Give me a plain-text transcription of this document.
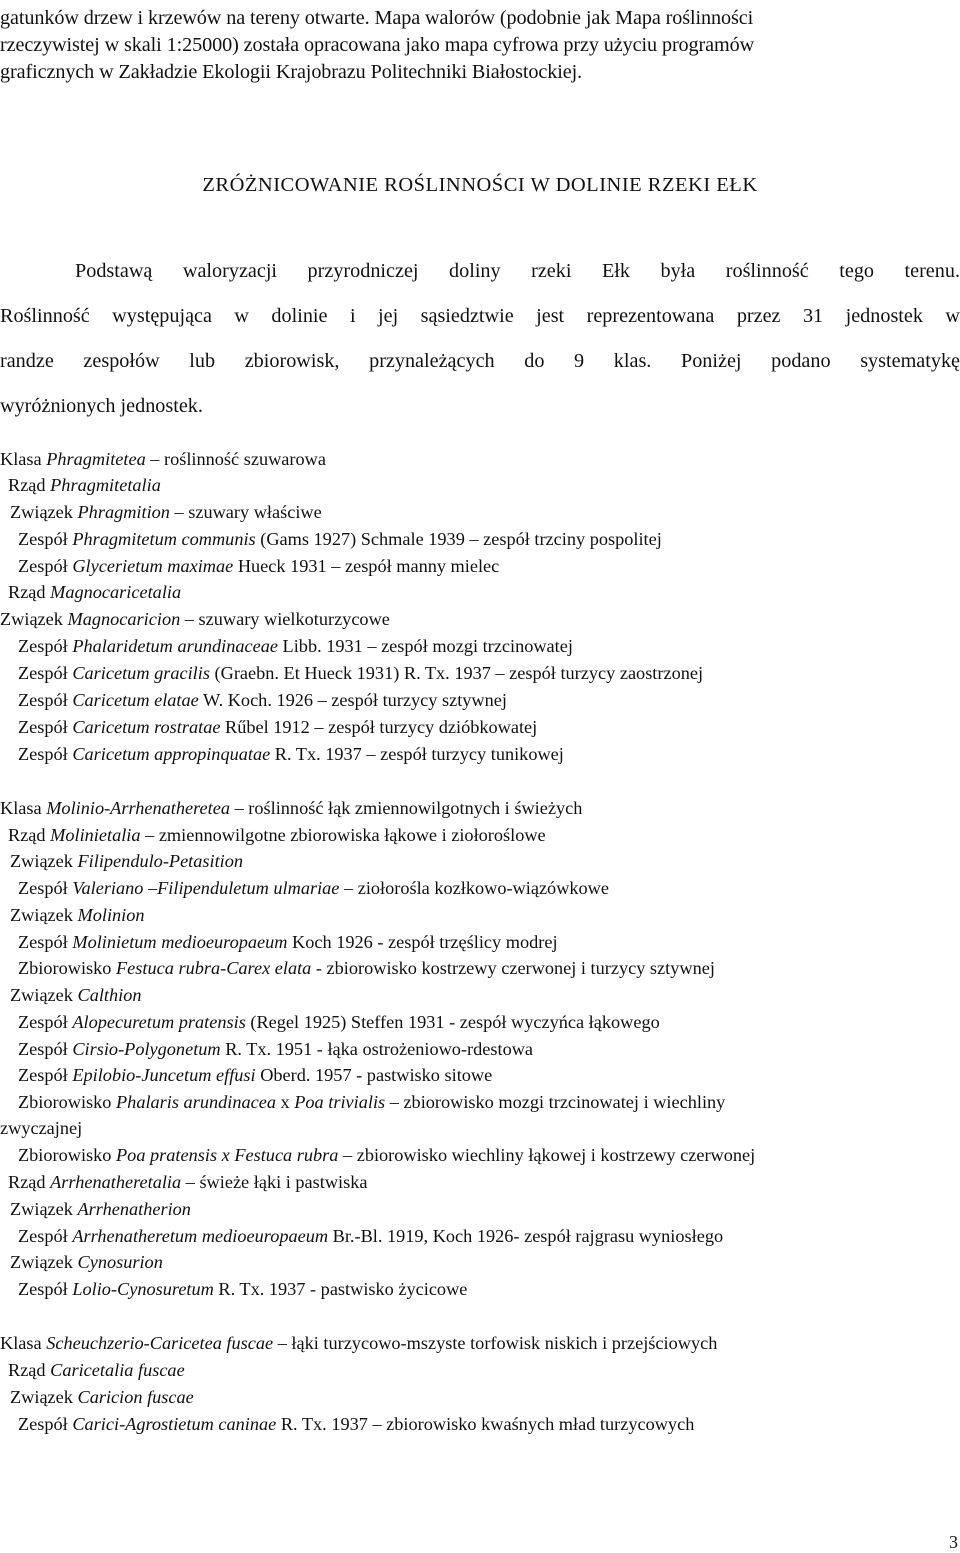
gatunków drzew i krzewów na tereny otwarte. Mapa walorów (podobnie jak Mapa roślinności
rzeczywistej w skali 1:25000) została opracowana jako mapa cyfrowa przy użyciu programów
graficznych w Zakładzie Ekologii Krajobrazu Politechniki Białostockiej.
ZRÓŻNICOWANIE ROŚLINNOŚCI W DOLINIE RZEKI EŁK
Podstawą waloryzacji przyrodniczej doliny rzeki Ełk była roślinność tego terenu.
Roślinność występująca w dolinie i jej sąsiedztwie jest reprezentowana przez 31 jednostek w
randze zespołów lub zbiorowisk, przynależących do 9 klas. Poniżej podano systematykę
wyróżnionych jednostek.
Klasa Phragmitetea – roślinność szuwarowa
Rząd Phragmitetalia
Związek Phragmition – szuwary właściwe
Zespół Phragmitetum communis (Gams 1927) Schmale 1939 – zespół trzciny pospolitej
Zespół Glycerietum maximae Hueck 1931 – zespół manny mielec
Rząd Magnocaricetalia
Związek Magnocaricion – szuwary wielkoturzycowe
Zespół Phalaridetum arundinaceae Libb. 1931 – zespół mozgi trzcinowatej
Zespół Caricetum gracilis (Graebn. Et Hueck 1931) R. Tx. 1937 – zespół turzycy zaostrzonej
Zespół Caricetum elatae W. Koch. 1926 – zespół turzycy sztywnej
Zespół Caricetum rostratae Rűbel 1912 – zespół turzycy dzióbkowatej
Zespół Caricetum appropinquatae R. Tx. 1937 – zespół turzycy tunikowej
Klasa Molinio-Arrhenatheretea – roślinność łąk zmiennowilgotnych i świeżych
Rząd Molinietalia – zmiennowilgotne zbiorowiska łąkowe i ziołoroślowe
Związek Filipendulo-Petasition
Zespół Valeriano –Filipenduletum ulmariae – ziołorośla kozłkowo-wiązówkowe
Związek Molinion
Zespół Molinietum medioeuropaeum Koch 1926 - zespół trzęślicy modrej
Zbiorowisko Festuca rubra-Carex elata - zbiorowisko kostrzewy czerwonej i turzycy sztywnej
Związek Calthion
Zespół Alopecuretum pratensis (Regel 1925) Steffen 1931 - zespół wyczyńca łąkowego
Zespół Cirsio-Polygonetum R. Tx. 1951 - łąka ostrożeniowo-rdestowa
Zespół Epilobio-Juncetum effusi Oberd. 1957 - pastwisko sitowe
Zbiorowisko Phalaris arundinacea x Poa trivialis – zbiorowisko mozgi trzcinowatej i wiechliny
zwyczajnej
Zbiorowisko Poa pratensis x Festuca rubra – zbiorowisko wiechliny łąkowej i kostrzewy czerwonej
Rząd Arrhenatheretalia – świeże łąki i pastwiska
Związek Arrhenatherion
Zespół Arrhenatheretum medioeuropaeum Br.-Bl. 1919, Koch 1926- zespół rajgrasu wyniosłego
Związek Cynosurion
Zespół Lolio-Cynosuretum R. Tx. 1937 - pastwisko życicowe
Klasa Scheuchzerio-Caricetea fuscae – łąki turzycowo-mszyste torfowisk niskich i przejściowych
Rząd Caricetalia fuscae
Związek Caricion fuscae
Zespół Carici-Agrostietum caninae R. Tx. 1937 – zbiorowisko kwaśnych mład turzycowych
3
